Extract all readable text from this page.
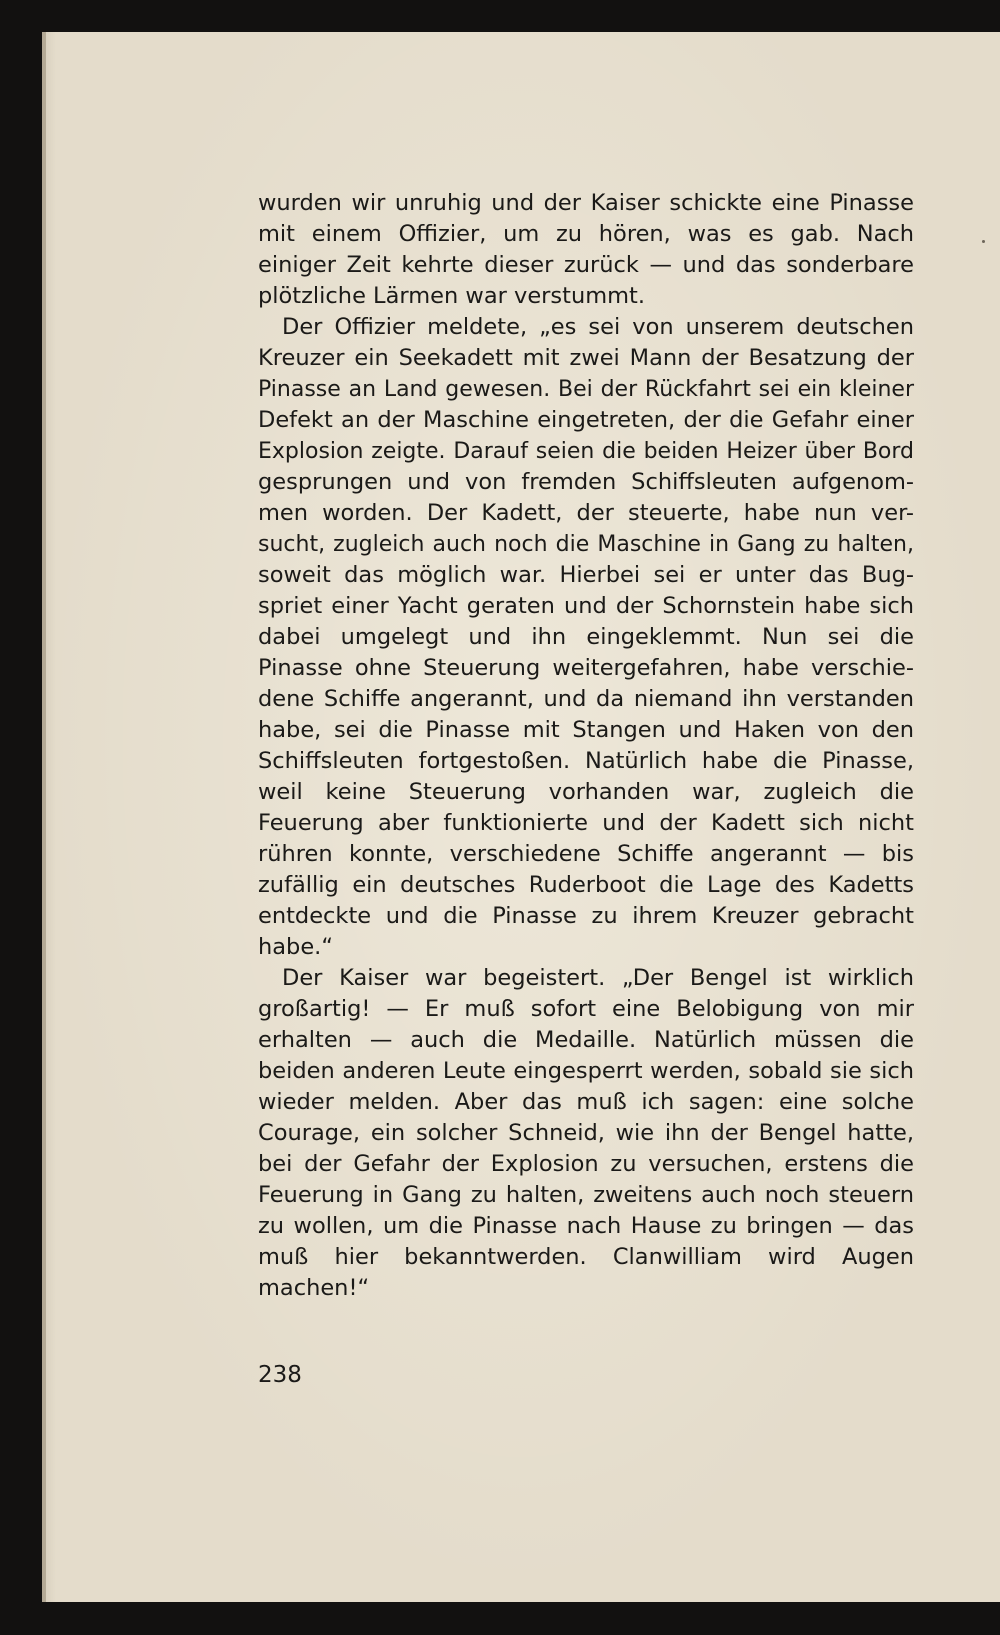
wurden wir unruhig und der Kaiser schickte eine Pinasse
mit einem Offizier, um zu hören, was es gab. Nach
einiger Zeit kehrte dieser zurück — und das sonderbare
plötzliche Lärmen war verstummt.
Der Offizier meldete, „es sei von unserem deutschen
Kreuzer ein Seekadett mit zwei Mann der Besatzung der
Pinasse an Land gewesen. Bei der Rückfahrt sei ein kleiner
Defekt an der Maschine eingetreten, der die Gefahr einer
Explosion zeigte. Darauf seien die beiden Heizer über Bord
gesprungen und von fremden Schiffsleuten aufgenom-
men worden. Der Kadett, der steuerte, habe nun ver-
sucht, zugleich auch noch die Maschine in Gang zu halten,
soweit das möglich war. Hierbei sei er unter das Bug-
spriet einer Yacht geraten und der Schornstein habe sich
dabei umgelegt und ihn eingeklemmt. Nun sei die
Pinasse ohne Steuerung weitergefahren, habe verschie-
dene Schiffe angerannt, und da niemand ihn verstanden
habe, sei die Pinasse mit Stangen und Haken von den
Schiffsleuten fortgestoßen. Natürlich habe die Pinasse,
weil keine Steuerung vorhanden war, zugleich die
Feuerung aber funktionierte und der Kadett sich nicht
rühren konnte, verschiedene Schiffe angerannt — bis
zufällig ein deutsches Ruderboot die Lage des Kadetts
entdeckte und die Pinasse zu ihrem Kreuzer gebracht
habe.“
Der Kaiser war begeistert. „Der Bengel ist wirklich
großartig! — Er muß sofort eine Belobigung von mir
erhalten — auch die Medaille. Natürlich müssen die
beiden anderen Leute eingesperrt werden, sobald sie sich
wieder melden. Aber das muß ich sagen: eine solche
Courage, ein solcher Schneid, wie ihn der Bengel hatte,
bei der Gefahr der Explosion zu versuchen, erstens die
Feuerung in Gang zu halten, zweitens auch noch steuern
zu wollen, um die Pinasse nach Hause zu bringen — das
muß hier bekanntwerden. Clanwilliam wird Augen
machen!“
238
